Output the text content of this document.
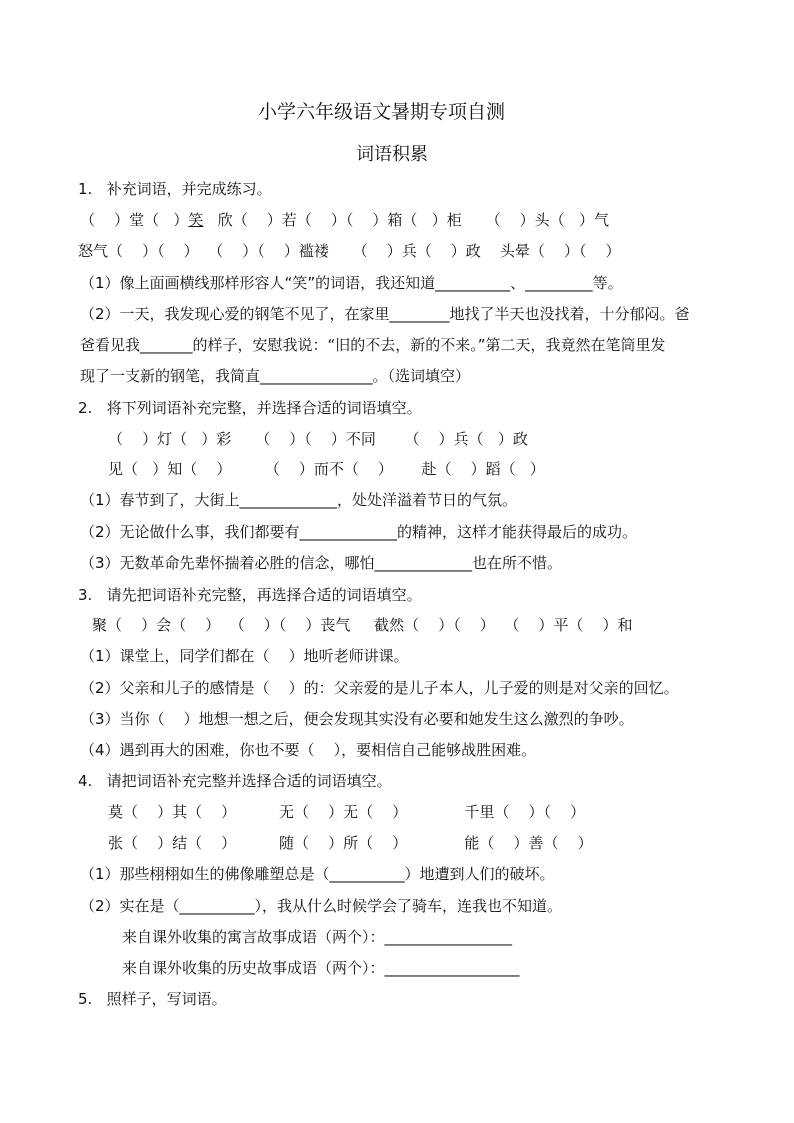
小学六年级语文暑期专项自测
词语积累
1.   补充词语，并完成练习。
（    ）堂（   ）笑   欣（    ）若（    ）（    ）箱（   ）柜     （    ）头（   ）气
怒气（    ）（    ）  （    ）（    ）褴褛     （    ）兵（    ）政    头晕（    ）（    ）
（1）像上面画横线那样形容人“笑”的词语，我还知道__________、_________等。
（2）一天，我发现心爱的钢笔不见了，在家里________地找了半天也没找着，十分郁闷。爸
爸看见我_______的样子，安慰我说：“旧的不去，新的不来。”第二天，我竟然在笔筒里发
现了一支新的钢笔，我简直_______________。（选词填空）
2.   将下列词语补充完整，并选择合适的词语填空。
（    ）灯（   ）彩     （    ）（    ）不同      （    ）兵（   ）政
见（   ）知（    ）       （    ）而不（    ）      赴（    ）蹈（   ）
（1）春节到了，大街上_____________，处处洋溢着节日的气氛。
（2）无论做什么事，我们都要有_____________的精神，这样才能获得最后的成功。
（3）无数革命先辈怀揣着必胜的信念，哪怕_____________也在所不惜。
3.   请先把词语补充完整，再选择合适的词语填空。
聚（    ）会（    ）  （    ）（    ）丧气     截然（    ）（    ）  （    ）平（    ）和
（1）课堂上，同学们都在（    ）地听老师讲课。
（2）父亲和儿子的感情是（    ）的：父亲爱的是儿子本人，儿子爱的则是对父亲的回忆。
（3）当你（    ）地想一想之后，便会发现其实没有必要和她发生这么激烈的争吵。
（4）遇到再大的困难，你也不要（    ），要相信自己能够战胜困难。
4.   请把词语补充完整并选择合适的词语填空。
莫（    ）其（    ）         无（    ）无（    ）            千里（    ）（    ）
张（    ）结（    ）         随（    ）所（    ）            能（    ）善（    ）
（1）那些栩栩如生的佛像雕塑总是（__________）地遭到人们的破坏。
（2）实在是（__________），我从什么时候学会了骑车，连我也不知道。
来自课外收集的寓言故事成语（两个）：_________________
来自课外收集的历史故事成语（两个）：__________________
5.   照样子，写词语。
